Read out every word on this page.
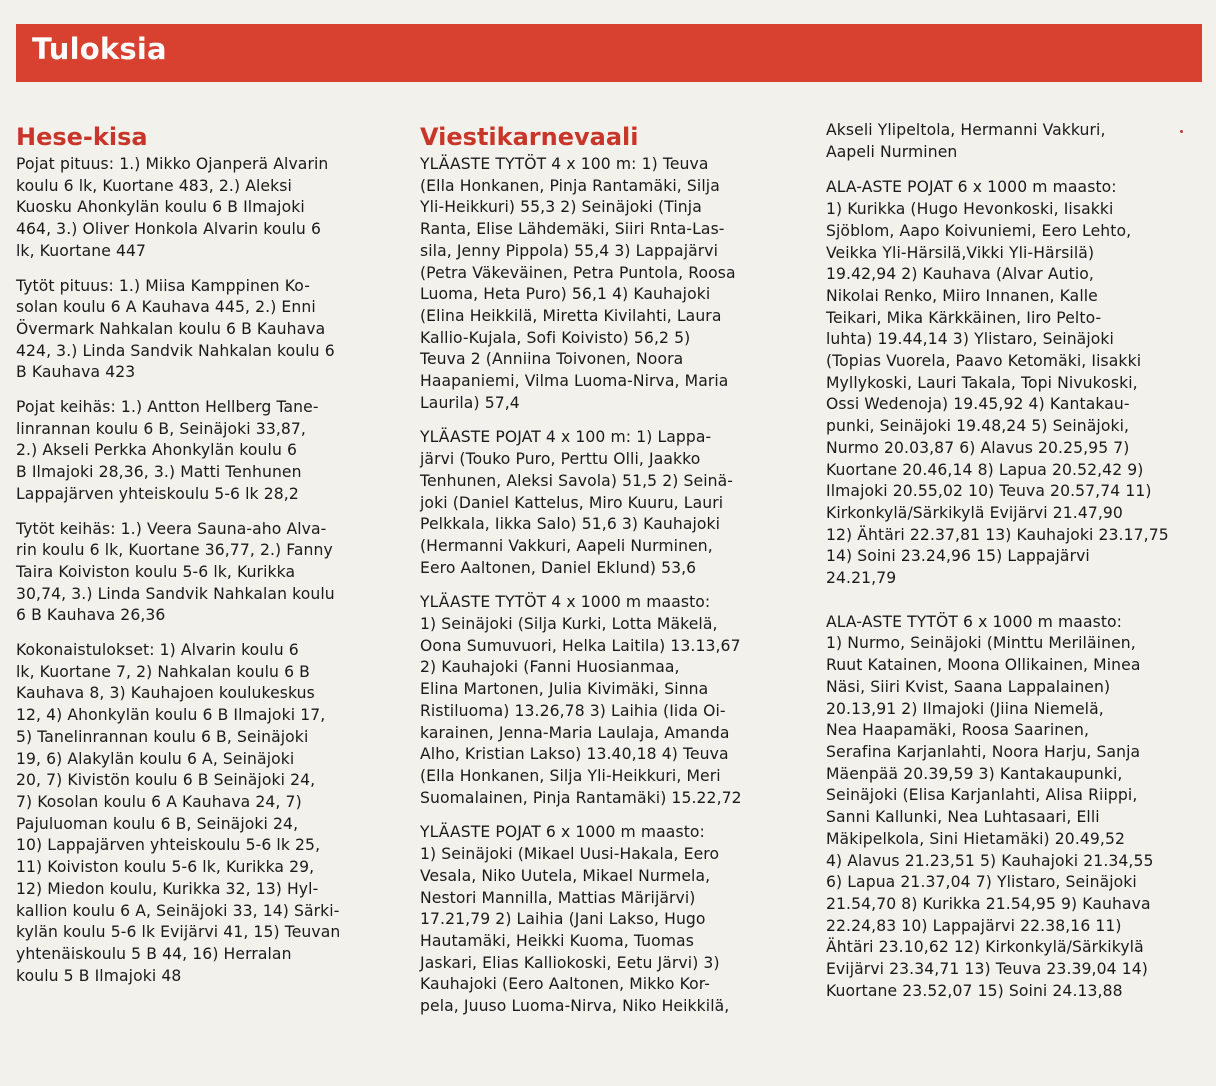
Tuloksia
Hese-kisa

Pojat pituus: 1.) Mikko Ojanperä Alvarin
koulu 6 lk, Kuortane 483, 2.) Aleksi
Kuosku Ahonkylän koulu 6 B Ilmajoki
464, 3.) Oliver Honkola Alvarin koulu 6
lk, Kuortane 447

Tytöt pituus: 1.) Miisa Kamppinen Ko-
solan koulu 6 A Kauhava 445, 2.) Enni
Övermark Nahkalan koulu 6 B Kauhava
424, 3.) Linda Sandvik Nahkalan koulu 6
B Kauhava 423

Pojat keihäs: 1.) Antton Hellberg Tane-
linrannan koulu 6 B, Seinäjoki 33,87,
2.) Akseli Perkka Ahonkylän koulu 6
B Ilmajoki 28,36, 3.) Matti Tenhunen
Lappajärven yhteiskoulu 5-6 lk 28,2

Tytöt keihäs: 1.) Veera Sauna-aho Alva-
rin koulu 6 lk, Kuortane 36,77, 2.) Fanny
Taira Koiviston koulu 5-6 lk, Kurikka
30,74, 3.) Linda Sandvik Nahkalan koulu
6 B Kauhava 26,36

Kokonaistulokset: 1) Alvarin koulu 6
lk, Kuortane 7, 2) Nahkalan koulu 6 B
Kauhava 8, 3) Kauhajoen koulukeskus
12, 4) Ahonkylän koulu 6 B Ilmajoki 17,
5) Tanelinrannan koulu 6 B, Seinäjoki
19, 6) Alakylän koulu 6 A, Seinäjoki
20, 7) Kivistön koulu 6 B Seinäjoki 24,
7) Kosolan koulu 6 A Kauhava 24, 7)
Pajuluoman koulu 6 B, Seinäjoki 24,
10) Lappajärven yhteiskoulu 5-6 lk 25,
11) Koiviston koulu 5-6 lk, Kurikka 29,
12) Miedon koulu, Kurikka 32, 13) Hyl-
kallion koulu 6 A, Seinäjoki 33, 14) Särki-
kylän koulu 5-6 lk Evijärvi 41, 15) Teuvan
yhtenäiskoulu 5 B 44, 16) Herralan
koulu 5 B Ilmajoki 48

Viestikarnevaali

YLÄASTE TYTÖT 4 x 100 m: 1) Teuva
(Ella Honkanen, Pinja Rantamäki, Silja
Yli-Heikkuri) 55,3 2) Seinäjoki (Tinja
Ranta, Elise Lähdemäki, Siiri Rnta-Las-
sila, Jenny Pippola) 55,4 3) Lappajärvi
(Petra Väkeväinen, Petra Puntola, Roosa
Luoma, Heta Puro) 56,1 4) Kauhajoki
(Elina Heikkilä, Miretta Kivilahti, Laura
Kallio-Kujala, Sofi Koivisto) 56,2 5)
Teuva 2 (Anniina Toivonen, Noora
Haapaniemi, Vilma Luoma-Nirva, Maria
Laurila) 57,4

YLÄASTE POJAT 4 x 100 m: 1) Lappa-
järvi (Touko Puro, Perttu Olli, Jaakko
Tenhunen, Aleksi Savola) 51,5 2) Seinä-
joki (Daniel Kattelus, Miro Kuuru, Lauri
Pelkkala, Iikka Salo) 51,6 3) Kauhajoki
(Hermanni Vakkuri, Aapeli Nurminen,
Eero Aaltonen, Daniel Eklund) 53,6

YLÄASTE TYTÖT 4 x 1000 m maasto:
1) Seinäjoki (Silja Kurki, Lotta Mäkelä,
Oona Sumuvuori, Helka Laitila) 13.13,67
2) Kauhajoki (Fanni Huosianmaa,
Elina Martonen, Julia Kivimäki, Sinna
Ristiluoma) 13.26,78 3) Laihia (Iida Oi-
karainen, Jenna-Maria Laulaja, Amanda
Alho, Kristian Lakso) 13.40,18 4) Teuva
(Ella Honkanen, Silja Yli-Heikkuri, Meri
Suomalainen, Pinja Rantamäki) 15.22,72

YLÄASTE POJAT 6 x 1000 m maasto:
1) Seinäjoki (Mikael Uusi-Hakala, Eero
Vesala, Niko Uutela, Mikael Nurmela,
Nestori Mannilla, Mattias Märijärvi)
17.21,79 2) Laihia (Jani Lakso, Hugo
Hautamäki, Heikki Kuoma, Tuomas
Jaskari, Elias Kalliokoski, Eetu Järvi) 3)
Kauhajoki (Eero Aaltonen, Mikko Kor-
pela, Juuso Luoma-Nirva, Niko Heikkilä,

Akseli Ylipeltola, Hermanni Vakkuri,
Aapeli Nurminen

ALA-ASTE POJAT 6 x 1000 m maasto:
1) Kurikka (Hugo Hevonkoski, Iisakki
Sjöblom, Aapo Koivuniemi, Eero Lehto,
Veikka Yli-Härsilä,Vikki Yli-Härsilä)
19.42,94 2) Kauhava (Alvar Autio,
Nikolai Renko, Miiro Innanen, Kalle
Teikari, Mika Kärkkäinen, Iiro Pelto-
luhta) 19.44,14 3) Ylistaro, Seinäjoki
(Topias Vuorela, Paavo Ketomäki, Iisakki
Myllykoski, Lauri Takala, Topi Nivukoski,
Ossi Wedenoja) 19.45,92 4) Kantakau-
punki, Seinäjoki 19.48,24 5) Seinäjoki,
Nurmo 20.03,87 6) Alavus 20.25,95 7)
Kuortane 20.46,14 8) Lapua 20.52,42 9)
Ilmajoki 20.55,02 10) Teuva 20.57,74 11)
Kirkonkylä/Särkikylä Evijärvi 21.47,90
12) Ähtäri 22.37,81 13) Kauhajoki 23.17,75
14) Soini 23.24,96 15) Lappajärvi
24.21,79

ALA-ASTE TYTÖT 6 x 1000 m maasto:
1) Nurmo, Seinäjoki (Minttu Meriläinen,
Ruut Katainen, Moona Ollikainen, Minea
Näsi, Siiri Kvist, Saana Lappalainen)
20.13,91 2) Ilmajoki (Jiina Niemelä,
Nea Haapamäki, Roosa Saarinen,
Serafina Karjanlahti, Noora Harju, Sanja
Mäenpää 20.39,59 3) Kantakaupunki,
Seinäjoki (Elisa Karjanlahti, Alisa Riippi,
Sanni Kallunki, Nea Luhtasaari, Elli
Mäkipelkola, Sini Hietamäki) 20.49,52
4) Alavus 21.23,51 5) Kauhajoki 21.34,55
6) Lapua 21.37,04 7) Ylistaro, Seinäjoki
21.54,70 8) Kurikka 21.54,95 9) Kauhava
22.24,83 10) Lappajärvi 22.38,16 11)
Ähtäri 23.10,62 12) Kirkonkylä/Särkikylä
Evijärvi 23.34,71 13) Teuva 23.39,04 14)
Kuortane 23.52,07 15) Soini 24.13,88
